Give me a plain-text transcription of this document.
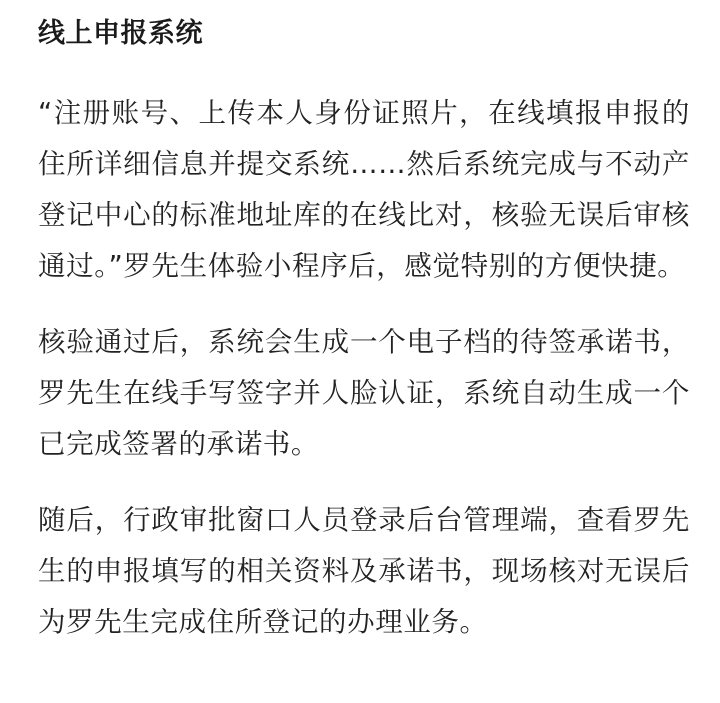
线上申报系统

“注册账号、上传本人身份证照片，在线填报申报的住所详细信息并提交系统……然后系统完成与不动产登记中心的标准地址库的在线比对，核验无误后审核通过。”罗先生体验小程序后，感觉特别的方便快捷。

核验通过后，系统会生成一个电子档的待签承诺书，罗先生在线手写签字并人脸认证，系统自动生成一个已完成签署的承诺书。

随后，行政审批窗口人员登录后台管理端，查看罗先生的申报填写的相关资料及承诺书，现场核对无误后为罗先生完成住所登记的办理业务。
